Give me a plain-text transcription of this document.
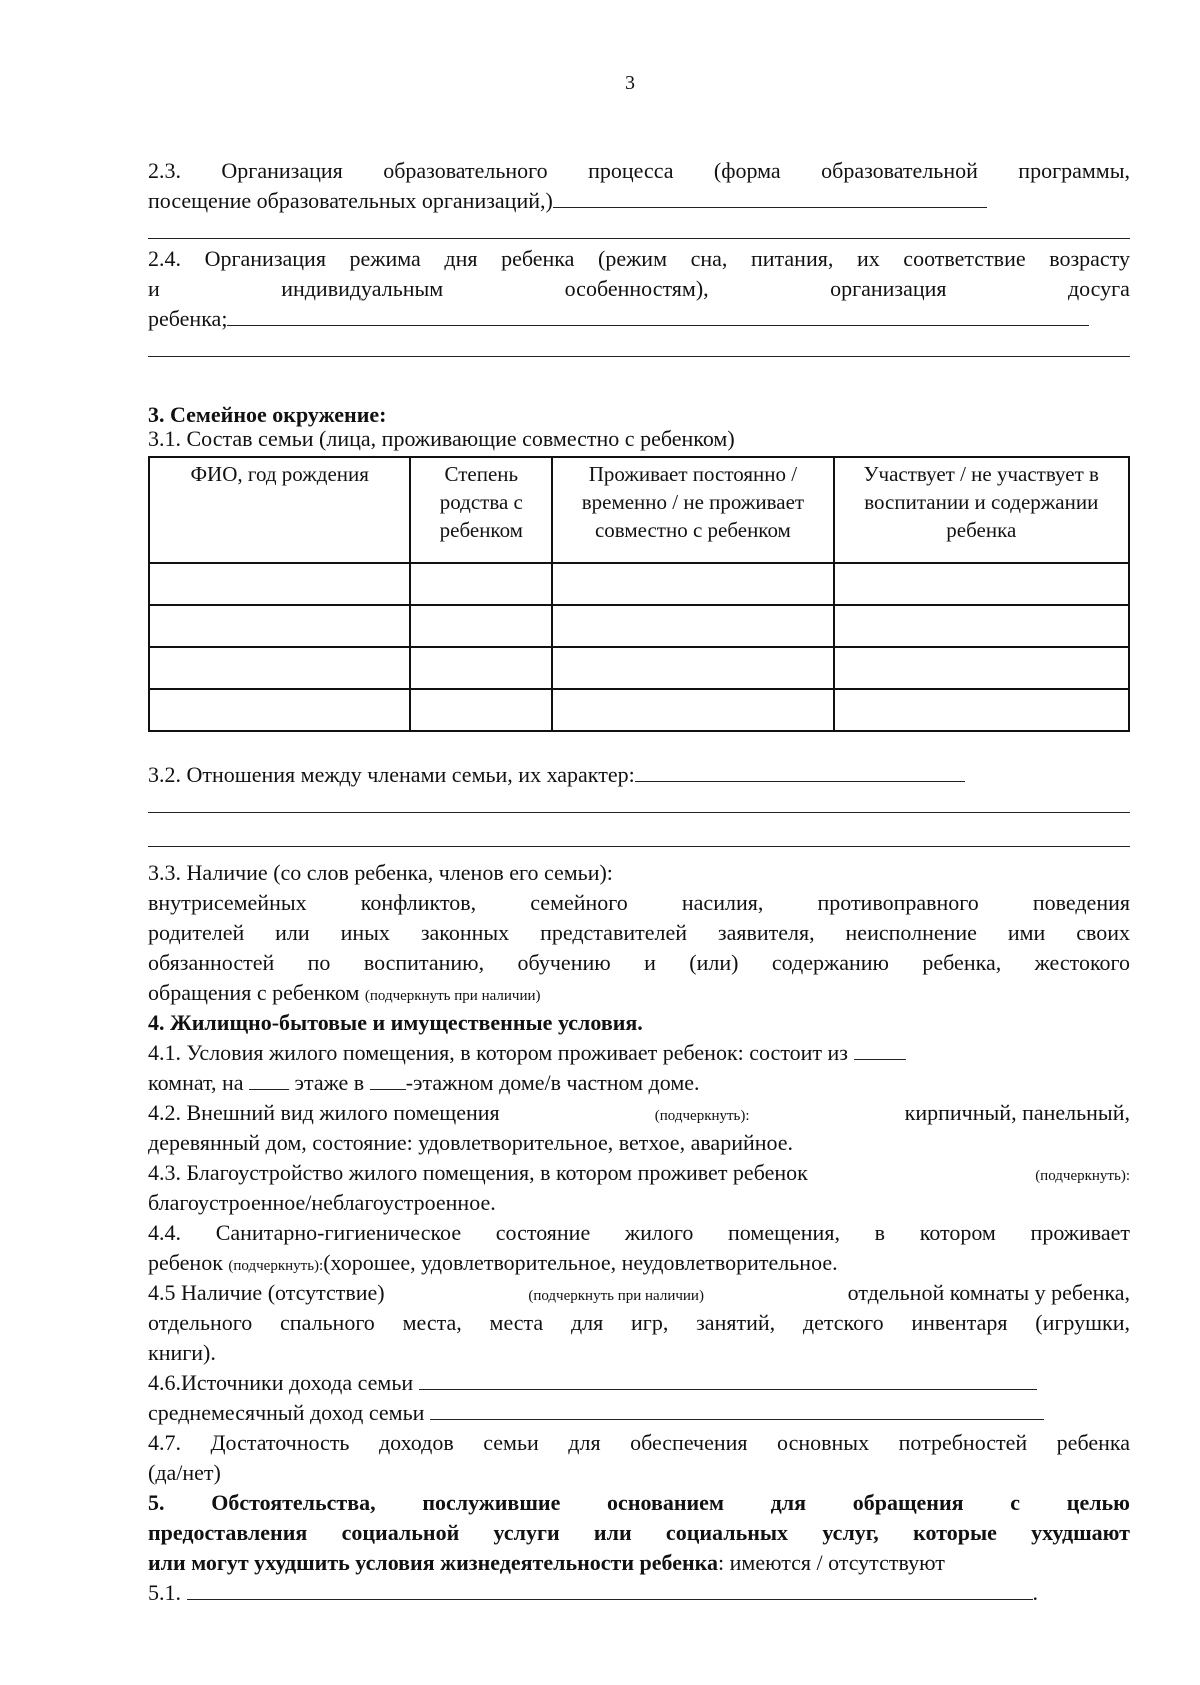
3
2.3. Организация образовательного процесса (форма образовательной программы,
посещение образовательных организаций,)
2.4. Организация режима дня ребенка (режим сна, питания, их соответствие возрасту
и	индивидуальным	особенностям),	организация	досуга
ребенка;
3. Семейное окружение:
3.1. Состав семьи (лица, проживающие совместно с ребенком)
ФИО, год рождения	Степень родства с ребенком	Проживает постоянно / временно / не проживает совместно с ребенком	Участвует / не участвует в воспитании и содержании ребенка

3.2. Отношения между членами семьи, их характер:
3.3. Наличие (со слов ребенка, членов его семьи):
внутрисемейных конфликтов, семейного насилия, противоправного поведения
родителей или иных законных представителей заявителя, неисполнение ими своих
обязанностей по воспитанию, обучению и (или) содержанию ребенка, жестокого
обращения с ребенком (подчеркнуть при наличии)
4. Жилищно-бытовые и имущественные условия.
4.1. Условия жилого помещения, в котором проживает ребенок: состоит из
комнат, на этаже в -этажном доме/в частном доме.
4.2. Внешний вид жилого помещения	(подчеркнуть):	кирпичный, панельный,
деревянный дом, состояние: удовлетворительное, ветхое, аварийное.
4.3. Благоустройство жилого помещения, в котором проживет ребенок	(подчеркнуть):
благоустроенное/неблагоустроенное.
4.4. Санитарно-гигиеническое состояние жилого помещения, в котором проживает
ребенок (подчеркнуть):(хорошее, удовлетворительное, неудовлетворительное.
4.5 Наличие (отсутствие)	(подчеркнуть при наличии)	отдельной комнаты у ребенка,
отдельного спального места, места для игр, занятий, детского инвентаря (игрушки,
книги).
4.6.Источники дохода семьи
среднемесячный доход семьи
4.7. Достаточность доходов семьи для обеспечения основных потребностей ребенка
(да/нет)
5. Обстоятельства, послужившие основанием для обращения с целью
предоставления социальной услуги или социальных услуг, которые ухудшают
или могут ухудшить условия жизнедеятельности ребенка: имеются / отсутствуют
5.1.	.
